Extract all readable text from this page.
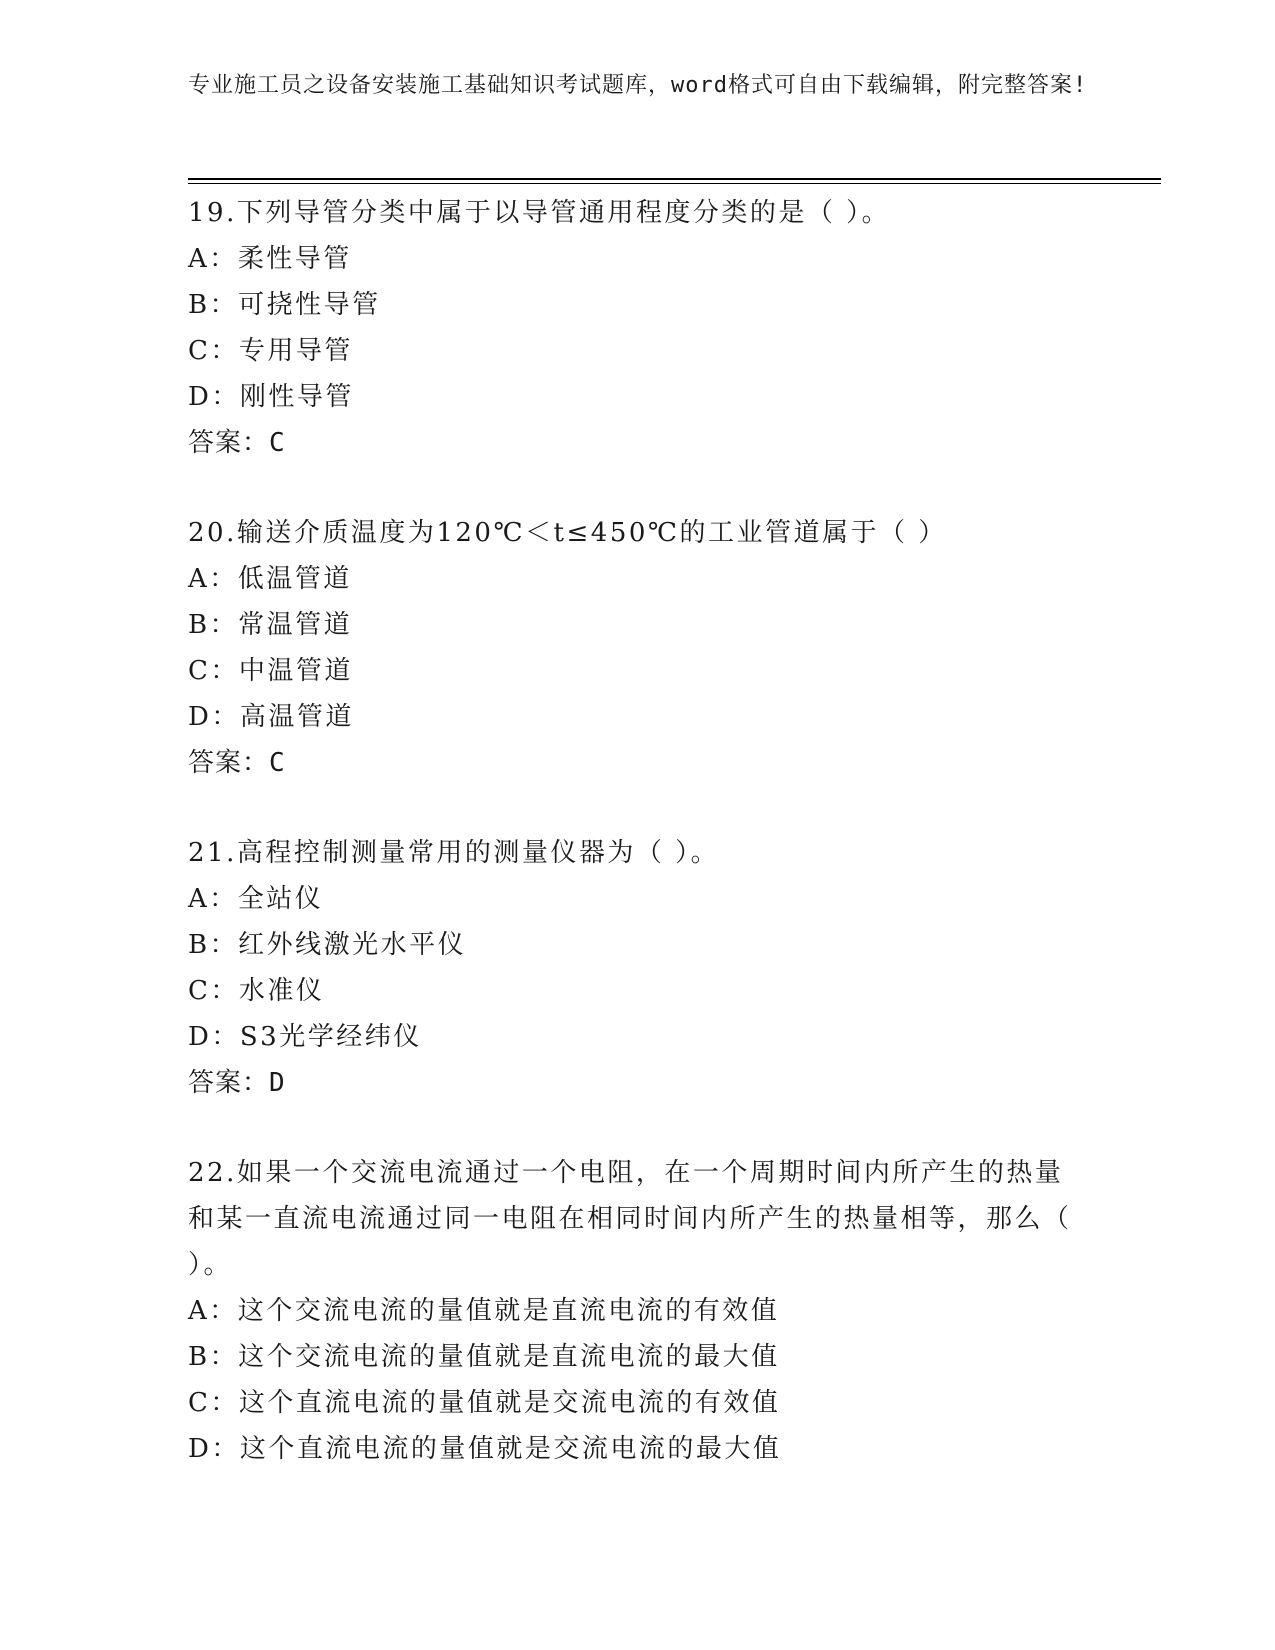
专业施工员之设备安装施工基础知识考试题库，word格式可自由下载编辑，附完整答案!
19.下列导管分类中属于以导管通用程度分类的是（ ）。
A：柔性导管
B：可挠性导管
C：专用导管
D：刚性导管
答案：C
20.输送介质温度为120℃＜t≤450℃的工业管道属于（ ）
A：低温管道
B：常温管道
C：中温管道
D：高温管道
答案：C
21.高程控制测量常用的测量仪器为（ ）。
A：全站仪
B：红外线激光水平仪
C：水准仪
D：S3光学经纬仪
答案：D
22.如果一个交流电流通过一个电阻，在一个周期时间内所产生的热量和某一直流电流通过同一电阻在相同时间内所产生的热量相等，那么（ ）。
A：这个交流电流的量值就是直流电流的有效值
B：这个交流电流的量值就是直流电流的最大值
C：这个直流电流的量值就是交流电流的有效值
D：这个直流电流的量值就是交流电流的最大值
